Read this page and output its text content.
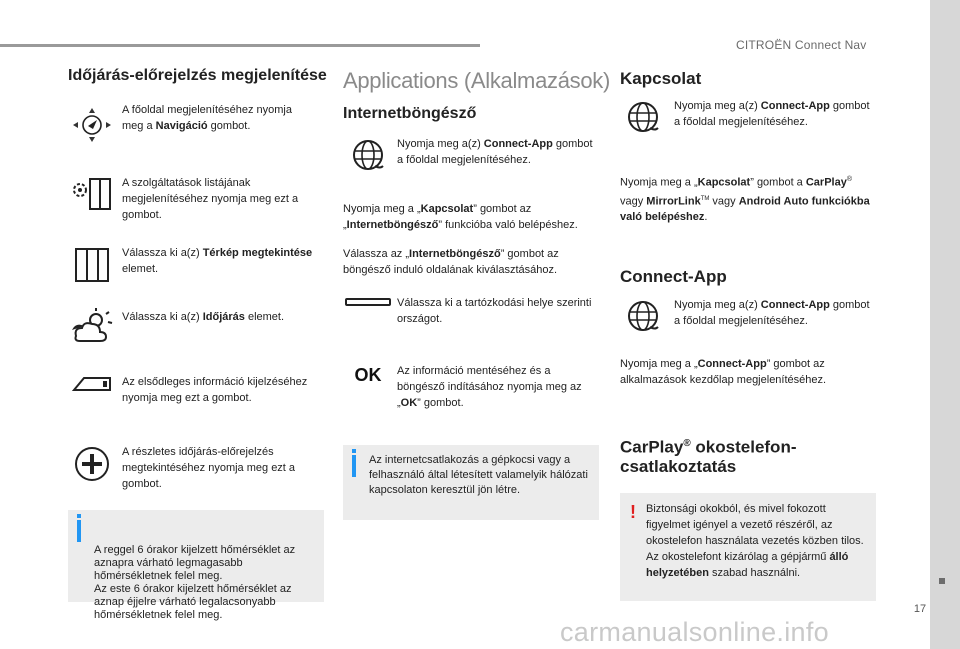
CITROËN Connect Nav
17
carmanualsonline.info
Időjárás-előrejelzés megjelenítése
A főoldal megjelenítéséhez nyomja meg a Navigáció gombot.
A szolgáltatások listájának megjelenítéséhez nyomja meg ezt a gombot.
Válassza ki a(z) Térkép megtekintése elemet.
Válassza ki a(z) Időjárás elemet.
Az elsődleges információ kijelzéséhez nyomja meg ezt a gombot.
A részletes időjárás-előrejelzés megtekintéséhez nyomja meg ezt a gombot.

A reggel 6 órakor kijelzett hőmérséklet az aznapra várható legmagasabb hőmérsékletnek felel meg.
Az este 6 órakor kijelzett hőmérséklet az aznap éjjelre várható legalacsonyabb hőmérsékletnek felel meg.

Applications (Alkalmazások)
Internetböngésző
Nyomja meg a(z) Connect-App gombot a főoldal megjelenítéséhez.
Nyomja meg a „Kapcsolat” gombot az „Internetböngésző” funkcióba való belépéshez.
Válassza az „Internetböngésző” gombot az böngésző induló oldalának kiválasztásához.
Válassza ki a tartózkodási helye szerinti országot.
OK Az információ mentéséhez és a böngésző indításához nyomja meg az „OK” gombot.
Az internetcsatlakozás a gépkocsi vagy a felhasználó által létesített valamelyik hálózati kapcsolaton keresztül jön létre.
Kapcsolat
Nyomja meg a(z) Connect-App gombot a főoldal megjelenítéséhez.
Nyomja meg a „Kapcsolat” gombot a CarPlay® vagy MirrorLink™ vagy Android Auto funkciókba való belépéshez.
Connect-App
Nyomja meg a(z) Connect-App gombot a főoldal megjelenítéséhez.
Nyomja meg a „Connect-App” gombot az alkalmazások kezdőlap megjelenítéséhez.
CarPlay® okostelefon-csatlakoztatás
! Biztonsági okokból, és mivel fokozott figyelmet igényel a vezető részéről, az okostelefon használata vezetés közben tilos.
Az okostelefont kizárólag a gépjármű álló helyzetében szabad használni.
